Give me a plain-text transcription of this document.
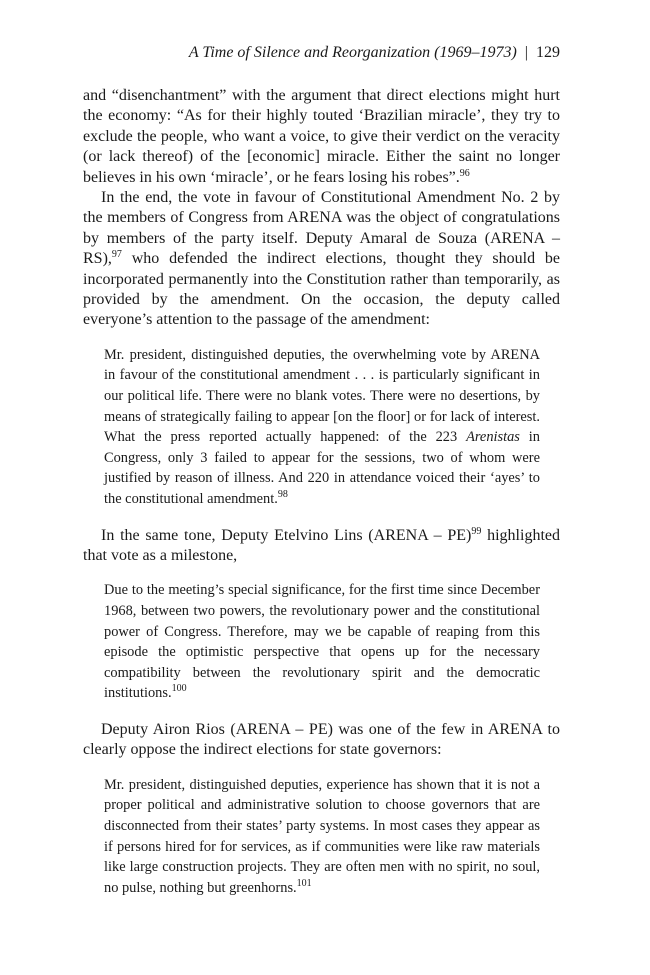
A Time of Silence and Reorganization (1969–1973) | 129

and “disenchantment” with the argument that direct elections might hurt the economy: “As for their highly touted ‘Brazilian miracle’, they try to exclude the people, who want a voice, to give their verdict on the veracity (or lack thereof) of the [economic] miracle. Either the saint no longer believes in his own ‘miracle’, or he fears losing his robes”.$^{96}$

In the end, the vote in favour of Constitutional Amendment No. 2 by the members of Congress from ARENA was the object of congratulations by members of the party itself. Deputy Amaral de Souza (ARENA – RS),$^{97}$ who defended the indirect elections, thought they should be incorporated permanently into the Constitution rather than temporarily, as provided by the amendment. On the occasion, the deputy called everyone’s attention to the passage of the amendment:

Mr. president, distinguished deputies, the overwhelming vote by ARENA in favour of the constitutional amendment . . . is particularly significant in our political life. There were no blank votes. There were no desertions, by means of strategically failing to appear [on the floor] or for lack of interest. What the press reported actually happened: of the 223 Arenistas in Congress, only 3 failed to appear for the sessions, two of whom were justified by reason of illness. And 220 in attendance voiced their ‘ayes’ to the constitutional amendment.$^{98}$

In the same tone, Deputy Etelvino Lins (ARENA – PE)$^{99}$ highlighted that vote as a milestone,

Due to the meeting’s special significance, for the first time since December 1968, between two powers, the revolutionary power and the constitutional power of Congress. Therefore, may we be capable of reaping from this episode the optimistic perspective that opens up for the necessary compatibility between the revolutionary spirit and the democratic institutions.$^{100}$

Deputy Airon Rios (ARENA – PE) was one of the few in ARENA to clearly oppose the indirect elections for state governors:

Mr. president, distinguished deputies, experience has shown that it is not a proper political and administrative solution to choose governors that are disconnected from their states’ party systems. In most cases they appear as if persons hired for for services, as if communities were like raw materials like large construction projects. They are often men with no spirit, no soul, no pulse, nothing but greenhorns.$^{101}$
